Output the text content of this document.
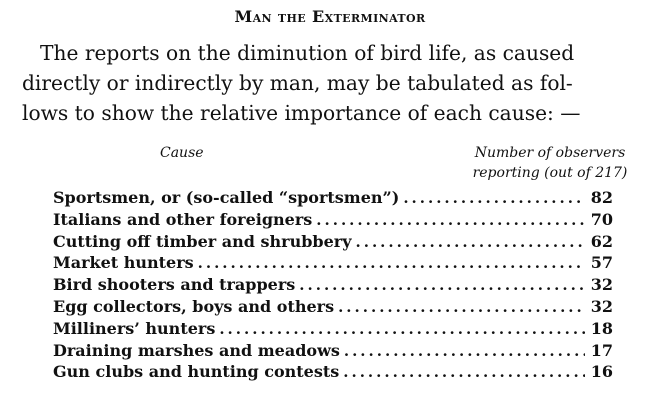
Man the Exterminator
The reports on the diminution of bird life, as caused
directly or indirectly by man, may be tabulated as fol-
lows to show the relative importance of each cause: —
Cause	Number of observers
reporting (out of 217)
Sportsmen, or (so-called “sportsmen”) .....	82
Italians and other foreigners .....	70
Cutting off timber and shrubbery .....	62
Market hunters .....	57
Bird shooters and trappers .....	32
Egg collectors, boys and others .....	32
Milliners’ hunters .....	18
Draining marshes and meadows .....	17
Gun clubs and hunting contests .....	16
